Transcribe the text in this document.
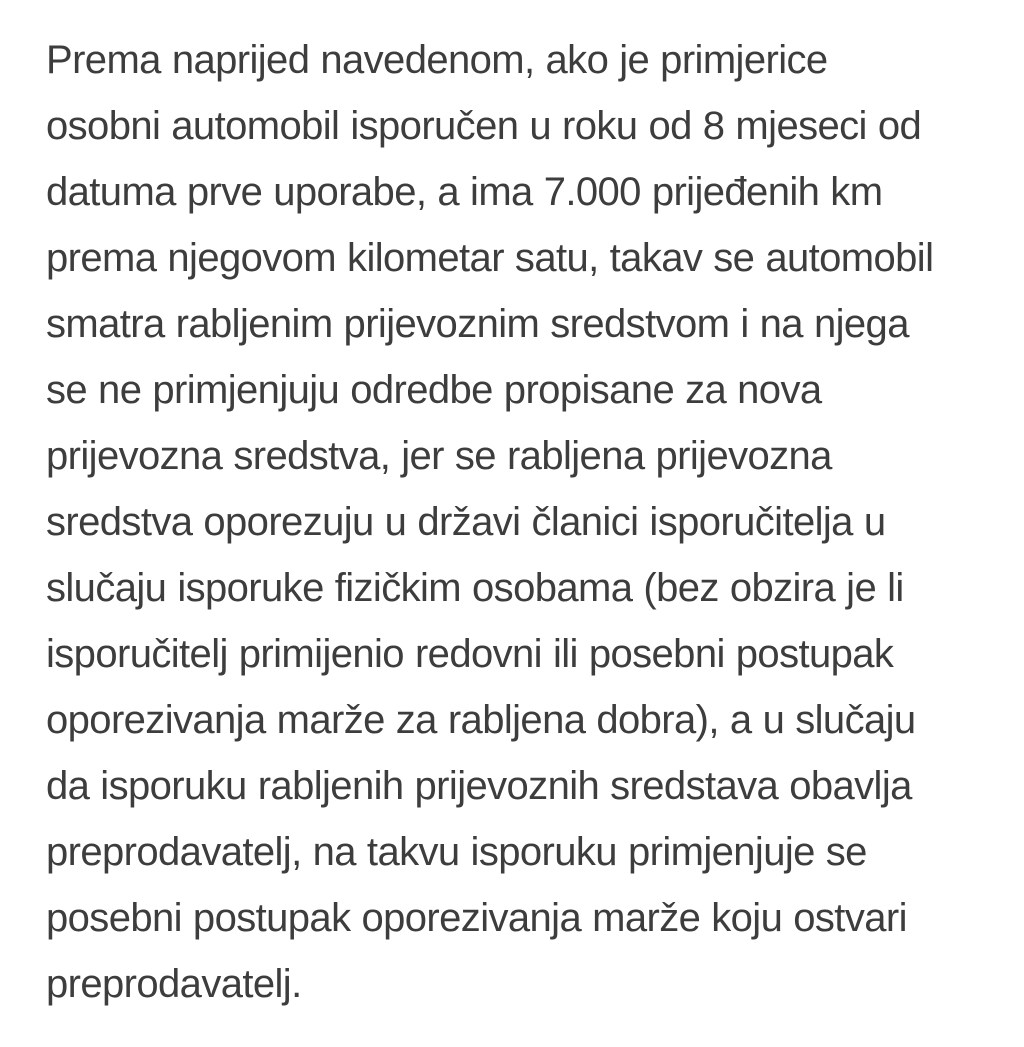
Prema naprijed navedenom, ako je primjerice
osobni automobil isporučen u roku od 8 mjeseci od
datuma prve uporabe, a ima 7.000 prijeđenih km
prema njegovom kilometar satu, takav se automobil
smatra rabljenim prijevoznim sredstvom i na njega
se ne primjenjuju odredbe propisane za nova
prijevozna sredstva, jer se rabljena prijevozna
sredstva oporezuju u državi članici isporučitelja u
slučaju isporuke fizičkim osobama (bez obzira je li
isporučitelj primijenio redovni ili posebni postupak
oporezivanja marže za rabljena dobra), a u slučaju
da isporuku rabljenih prijevoznih sredstava obavlja
preprodavatelj, na takvu isporuku primjenjuje se
posebni postupak oporezivanja marže koju ostvari
preprodavatelj.
